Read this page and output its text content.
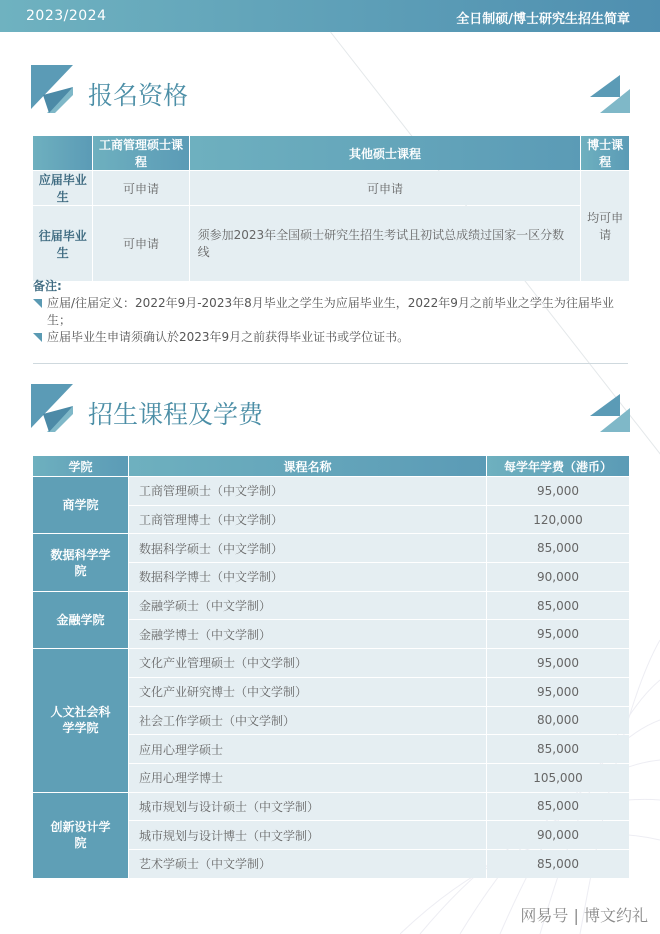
2023/2024	全日制硕/博士研究生招生简章
报名资格
	工商管理硕士课程	其他硕士课程	博士课程
应届毕业生	可申请	可申请	均可申请
往届毕业生	可申请	须参加2023年全国硕士研究生招生考试且初试总成绩过国家一区分数线	
备注:
应届/往届定义：2022年9月-2023年8月毕业之学生为应届毕业生，2022年9月之前毕业之学生为往届毕业生；
应届毕业生申请须确认於2023年9月之前获得毕业证书或学位证书。
招生课程及学费
学院	课程名称	每学年学费（港币）
商学院	工商管理硕士（中文学制）	95,000
	工商管理博士（中文学制）	120,000
数据科学学院	数据科学硕士（中文学制）	85,000
	数据科学博士（中文学制）	90,000
金融学院	金融学硕士（中文学制）	85,000
	金融学博士（中文学制）	95,000
人文社会科学学院	文化产业管理硕士（中文学制）	95,000
	文化产业研究博士（中文学制）	95,000
	社会工作学硕士（中文学制）	80,000
	应用心理学硕士	85,000
	应用心理学博士	105,000
创新设计学院	城市规划与设计硕士（中文学制）	85,000
	城市规划与设计博士（中文学制）	90,000
	艺术学硕士（中文学制）	85,000
网易号 | 博文约礼
